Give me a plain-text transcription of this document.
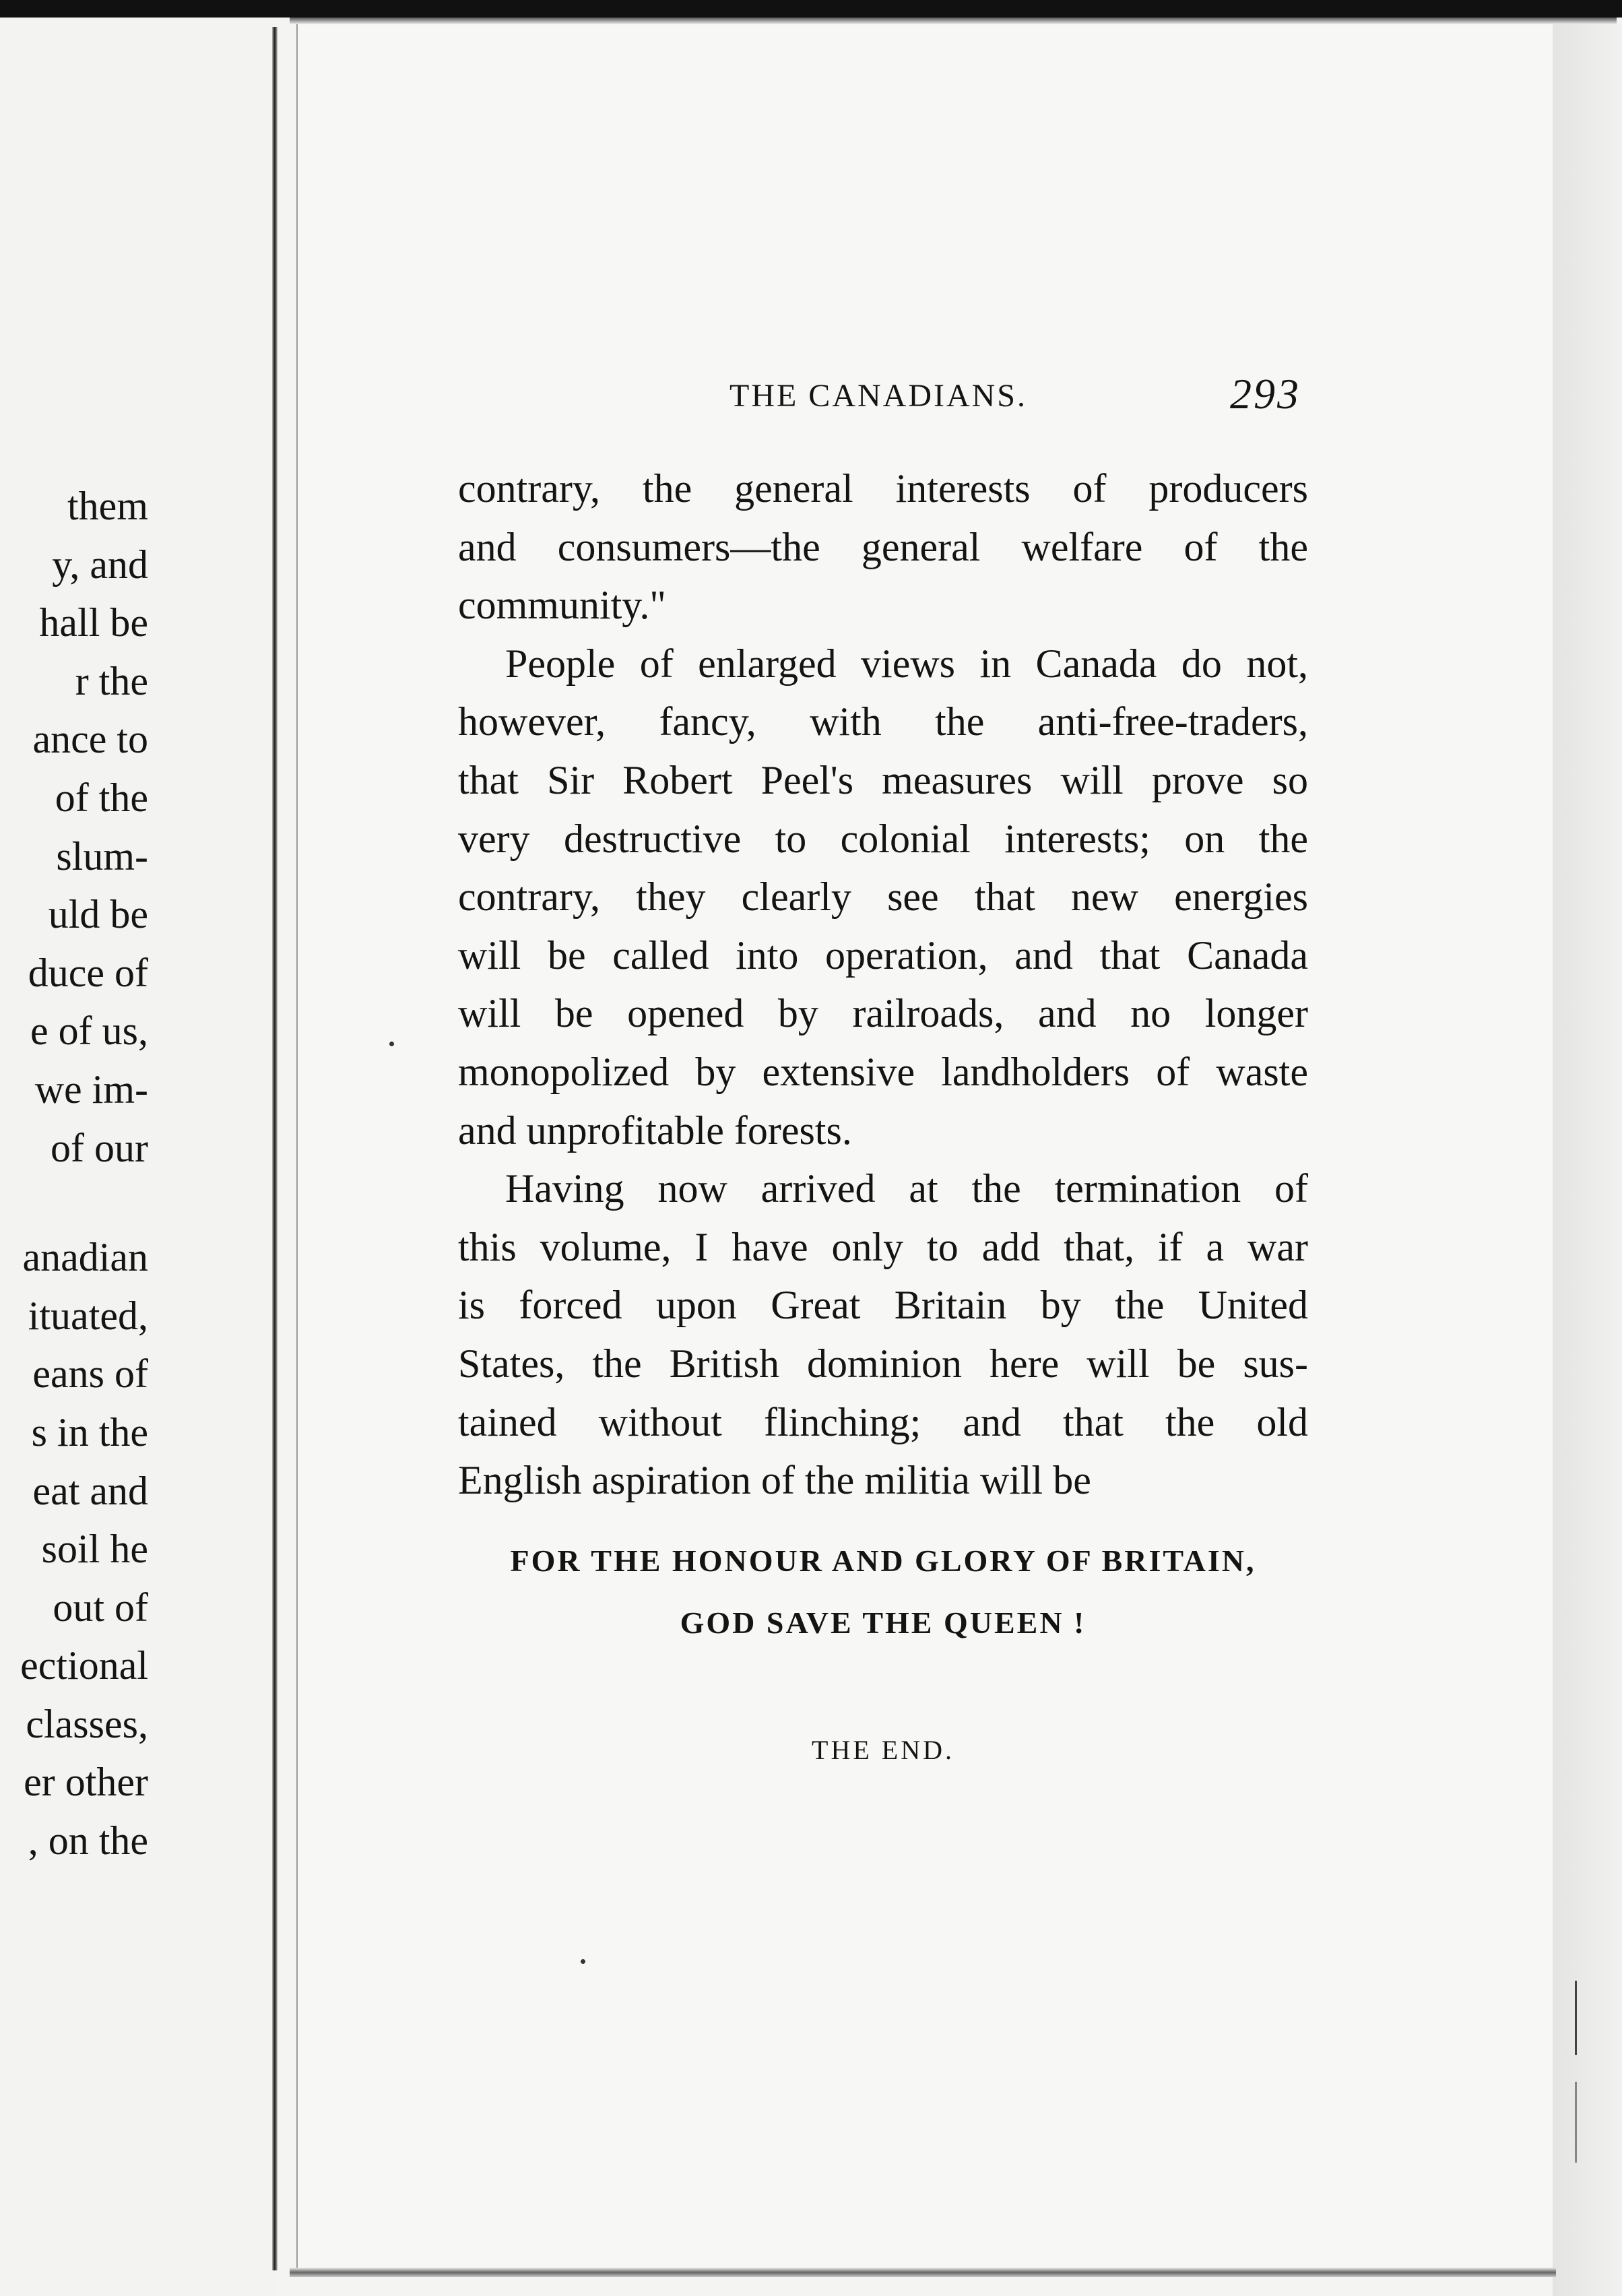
them
y, and
hall be
r the
ance to
of the
slum-
uld be
duce of
e of us,
we im-
of our
anadian
ituated,
eans of
s in the
eat and
soil he
out of
ectional
classes,
er other
, on the
THE CANADIANS.	293
contrary, the general interests of producers
and consumers—the general welfare of the
community."
People of enlarged views in Canada do not,
however, fancy, with the anti-free-traders,
that Sir Robert Peel's measures will prove so
very destructive to colonial interests; on the
contrary, they clearly see that new energies
will be called into operation, and that Canada
will be opened by railroads, and no longer
monopolized by extensive landholders of waste
and unprofitable forests.
Having now arrived at the termination of
this volume, I have only to add that, if a war
is forced upon Great Britain by the United
States, the British dominion here will be sus-
tained without flinching; and that the old
English aspiration of the militia will be
FOR THE HONOUR AND GLORY OF BRITAIN,
GOD SAVE THE QUEEN !
THE END.
